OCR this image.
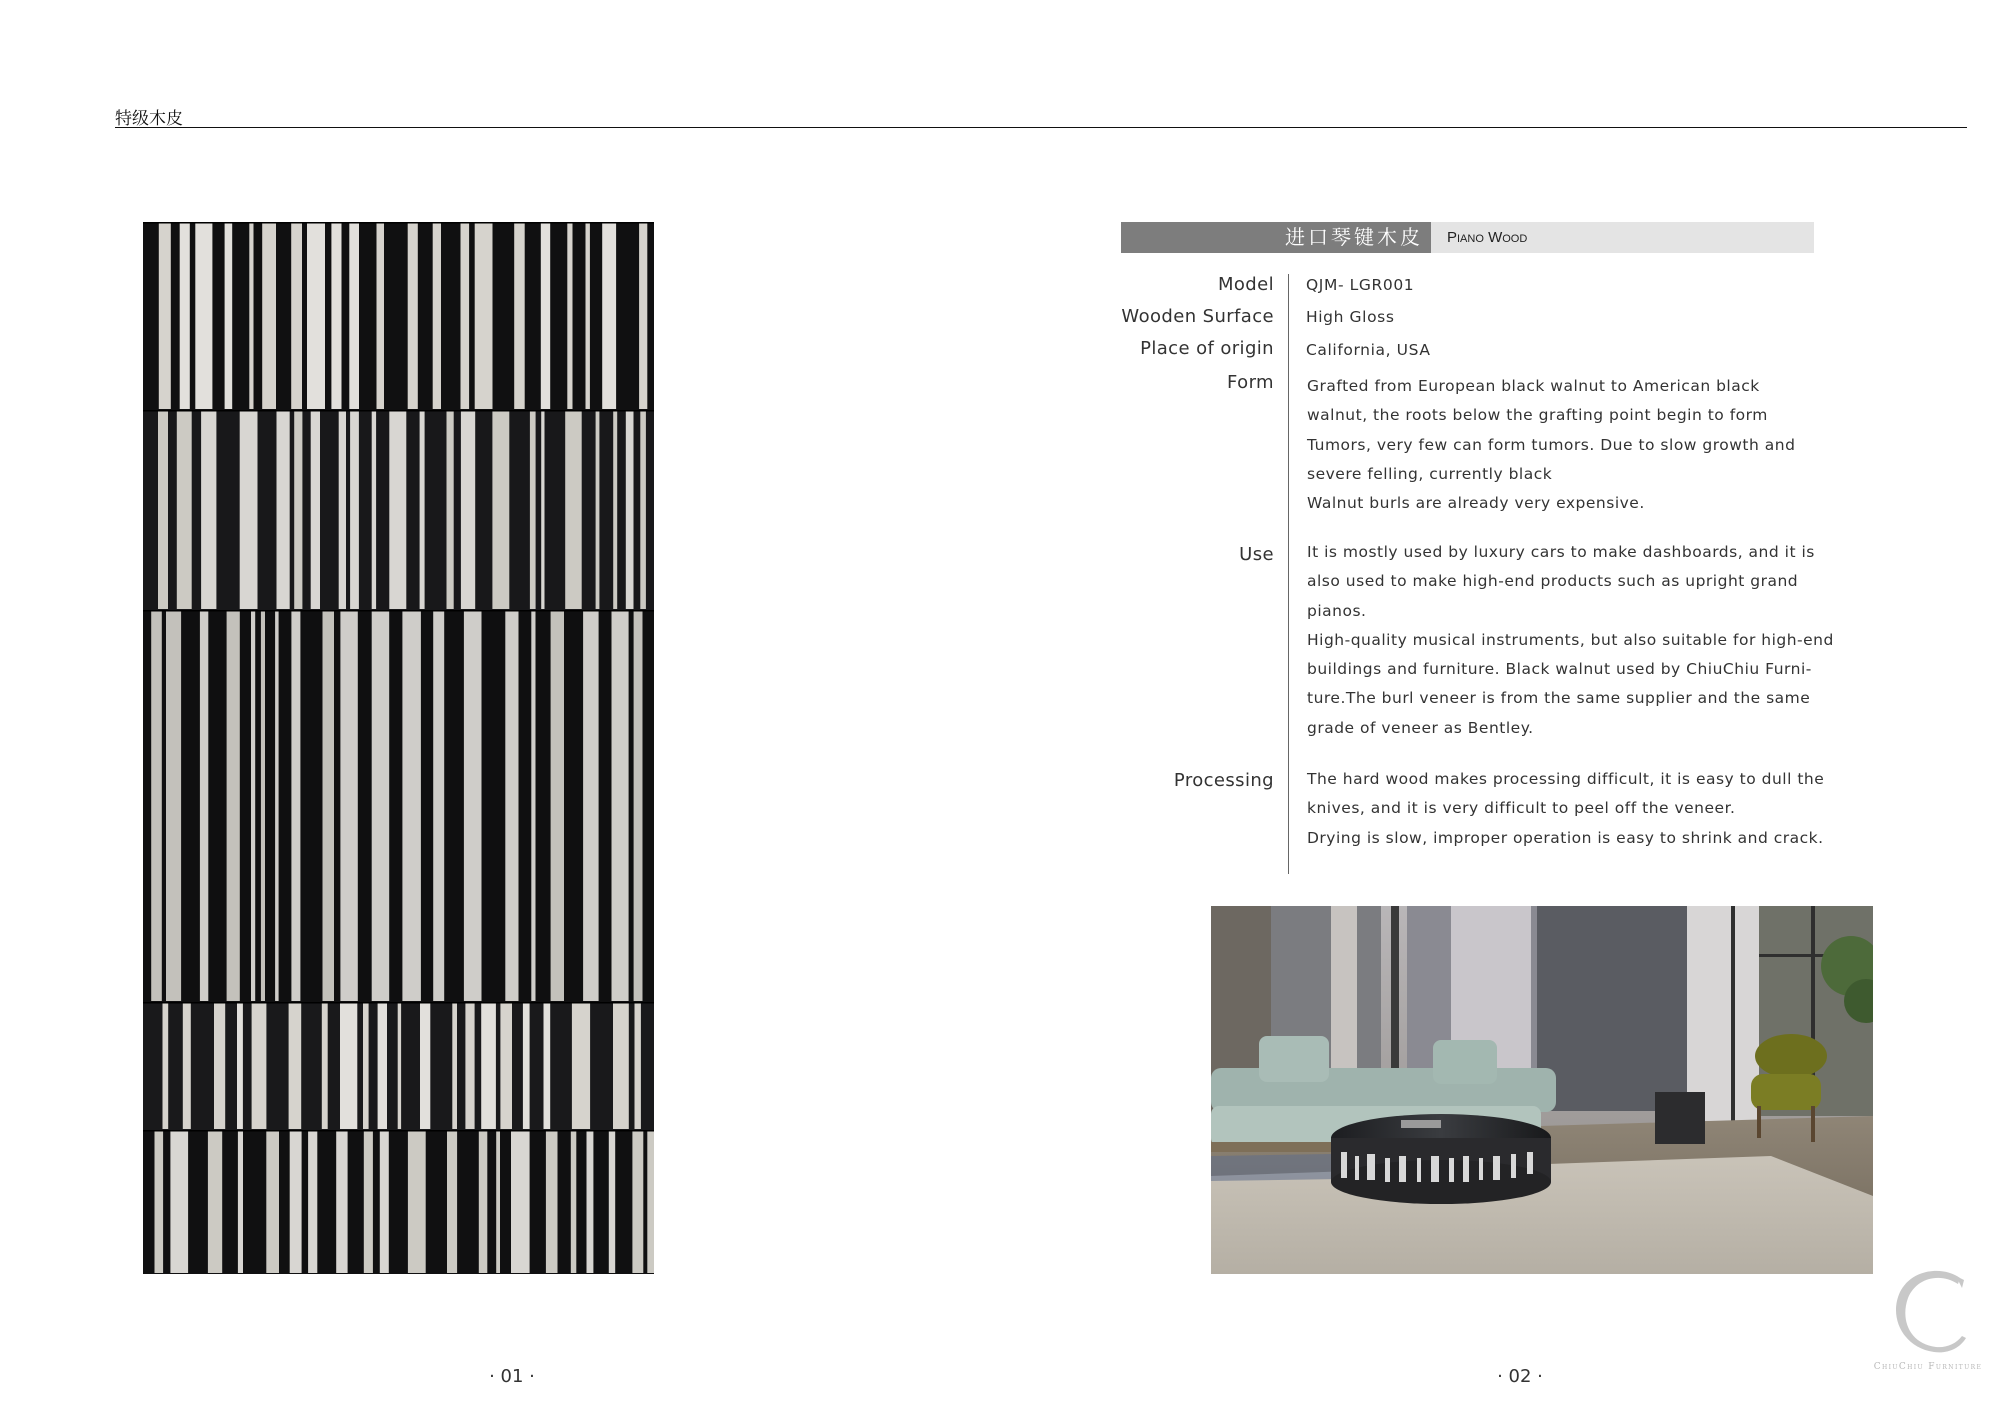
特级木皮
进口琴键木皮	Piano Wood
Model QJM- LGR001
Wooden Surface High Gloss
Place of origin California, USA
Form Grafted from European black walnut to American black
walnut, the roots below the grafting point begin to form
Tumors, very few can form tumors. Due to slow growth and
severe felling, currently black
Walnut burls are already very expensive.
Use It is mostly used by luxury cars to make dashboards, and it is
also used to make high-end products such as upright grand
pianos.
High-quality musical instruments, but also suitable for high-end
buildings and furniture. Black walnut used by ChiuChiu Furni-
ture.The burl veneer is from the same supplier and the same
grade of veneer as Bentley.
Processing The hard wood makes processing difficult, it is easy to dull the
knives, and it is very difficult to peel off the veneer.
Drying is slow, improper operation is easy to shrink and crack.
· 01 ·	· 02 ·	ChiuChiu Furniture
